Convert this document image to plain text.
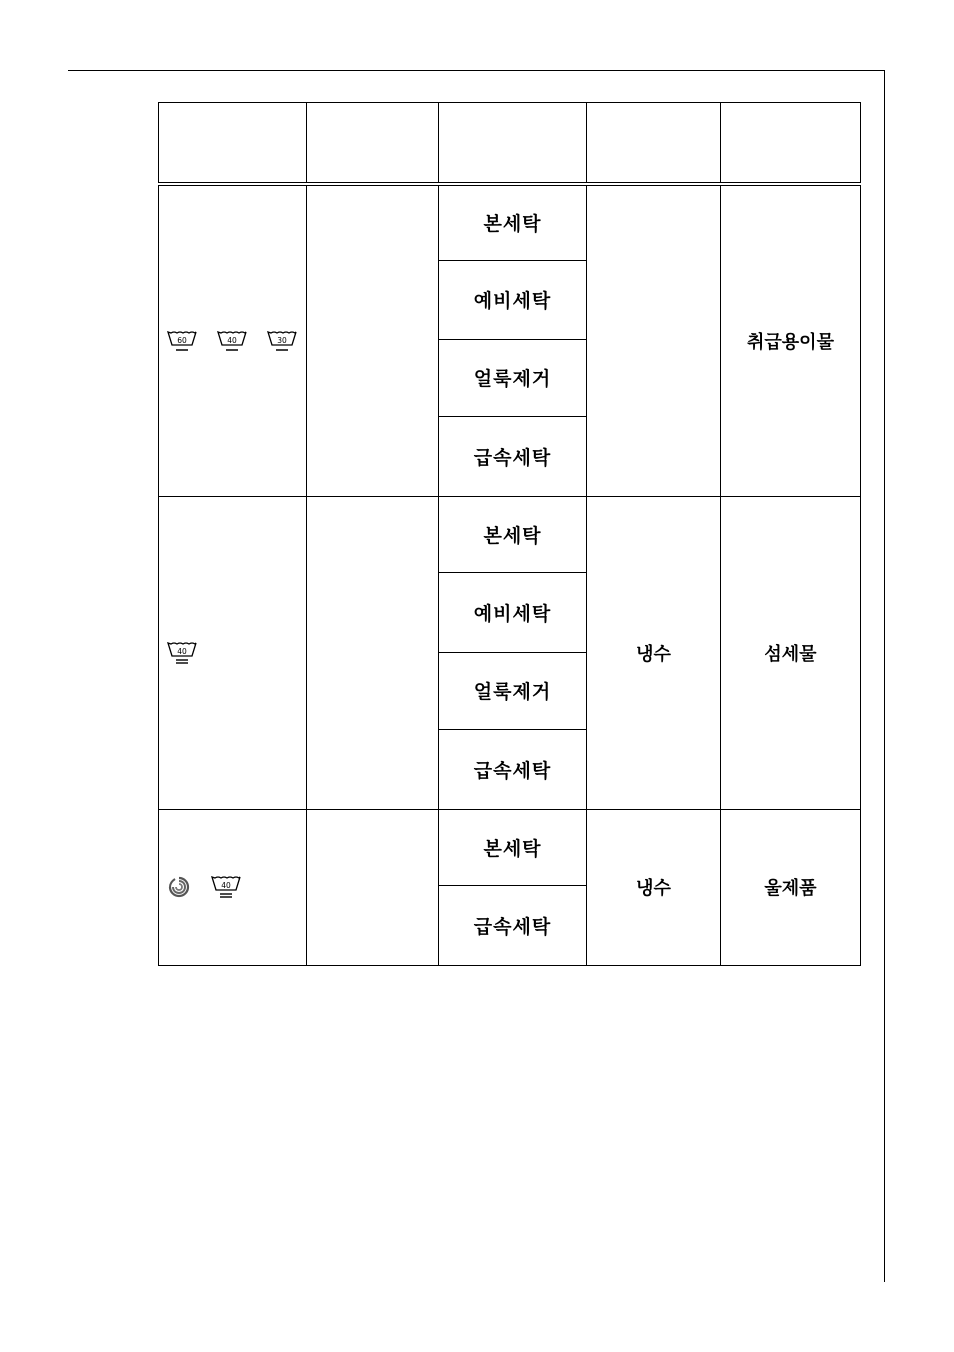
60 40 30		본세탁		취급용이물
		예비세탁		
		얼룩제거		
		급속세탁		

40		본세탁	냉수	섬세물
		예비세탁		
		얼룩제거		
		급속세탁		

40		본세탁	냉수	울제품
		급속세탁		
